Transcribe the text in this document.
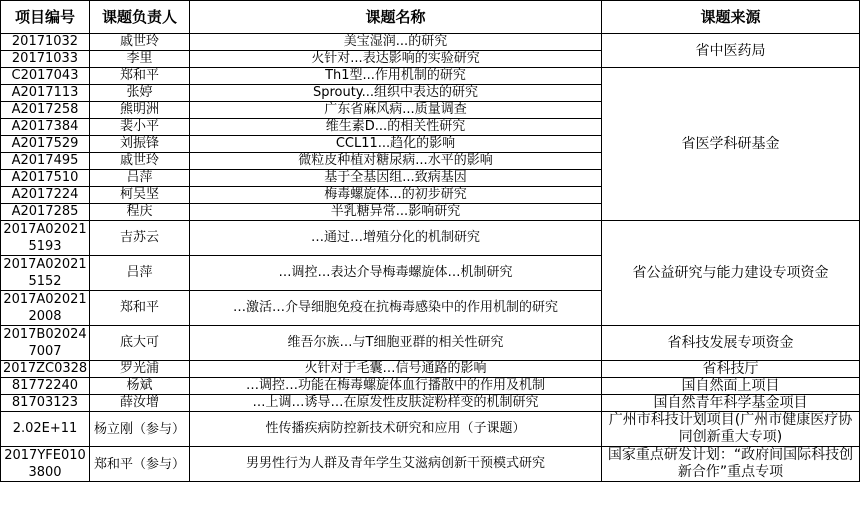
项目编号	课题负责人	课题名称	课题来源
20171032	戚世玲	美宝湿润...的研究	省中医药局
20171033	李里	火针对...表达影响的实验研究	
C2017043	郑和平	Th1型...作用机制的研究	省医学科研基金
A2017113	张婷	Sprouty...组织中表达的研究	
A2017258	熊明洲	广东省麻风病...质量调查	
A2017384	裴小平	维生素D...的相关性研究	
A2017529	刘振锋	CCL11...趋化的影响	
A2017495	戚世玲	微粒皮种植对糖尿病...水平的影响	
A2017510	吕萍	基于全基因组...致病基因	
A2017224	柯吴坚	梅毒螺旋体...的初步研究	
A2017285	程庆	半乳糖异常...影响研究	
2017A020215193	吉苏云	…通过…增殖分化的机制研究	省公益研究与能力建设专项资金
2017A020215152	吕萍	…调控…表达介导梅毒螺旋体…机制研究	
2017A020212008	郑和平	…激活…介导细胞免疫在抗梅毒感染中的作用机制的研究	
2017B020247007	底大可	维吾尔族…与T细胞亚群的相关性研究	省科技发展专项资金
2017ZC0328	罗光浦	火针对于毛囊…信号通路的影响	省科技厅
81772240	杨斌	…调控…功能在梅毒螺旋体血行播散中的作用及机制	国自然面上项目
81703123	薛汝增	…上调…诱导…在原发性皮肤淀粉样变的机制研究	国自然青年科学基金项目
2.02E+11	杨立刚（参与）	性传播疾病防控新技术研究和应用（子课题）	广州市科技计划项目(广州市健康医疗协同创新重大专项)
2017YFE0103800	郑和平（参与）	男男性行为人群及青年学生艾滋病创新干预模式研究	国家重点研发计划：“政府间国际科技创新合作”重点专项
